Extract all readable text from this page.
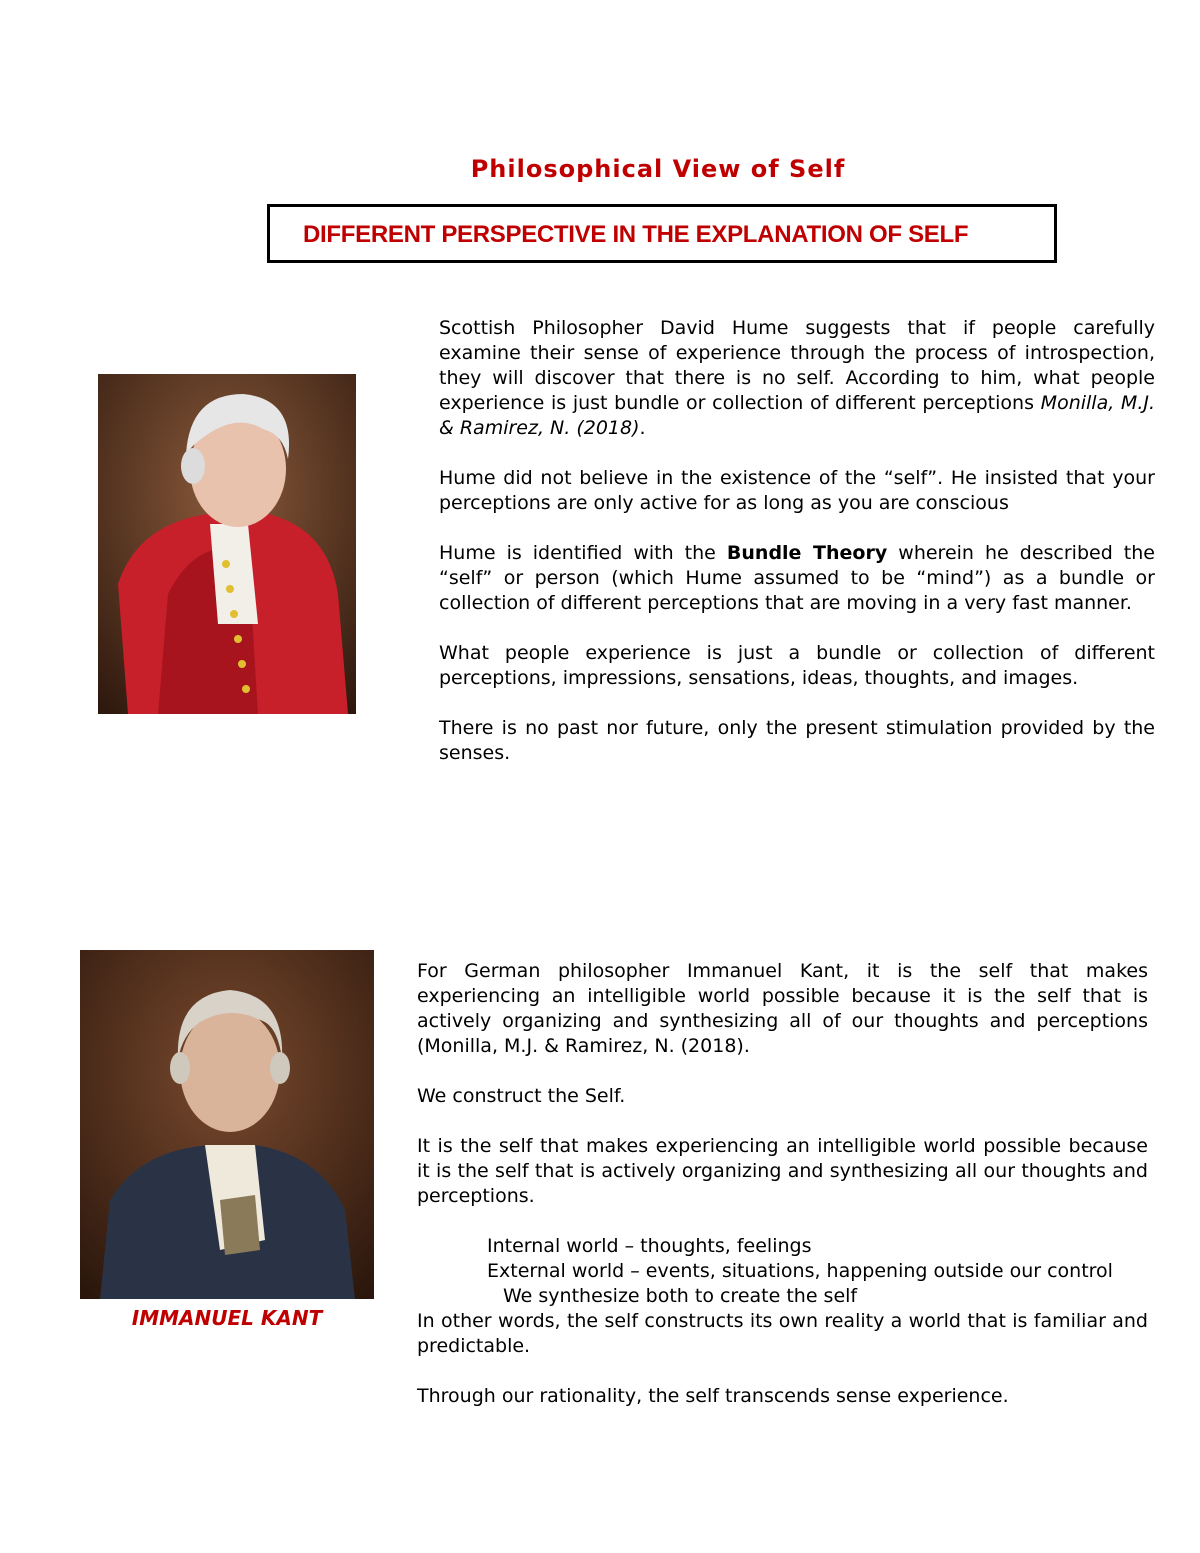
Philosophical View of Self
DIFFERENT PERSPECTIVE IN THE EXPLANATION OF SELF

Scottish Philosopher David Hume suggests that if people carefully examine their sense of experience through the process of introspection, they will discover that there is no self. According to him, what people experience is just bundle or collection of different perceptions Monilla, M.J. & Ramirez, N. (2018).

Hume did not believe in the existence of the “self”. He insisted that your perceptions are only active for as long as you are conscious

Hume is identified with the Bundle Theory wherein he described the “self” or person (which Hume assumed to be “mind”) as a bundle or collection of different perceptions that are moving in a very fast manner.

What people experience is just a bundle or collection of different perceptions, impressions, sensations, ideas, thoughts, and images.

There is no past nor future, only the present stimulation provided by the senses.

IMMANUEL KANT

For German philosopher Immanuel Kant, it is the self that makes experiencing an intelligible world possible because it is the self that is actively organizing and synthesizing all of our thoughts and perceptions (Monilla, M.J. & Ramirez, N. (2018).

We construct the Self.

It is the self that makes experiencing an intelligible world possible because it is the self that is actively organizing and synthesizing all our thoughts and perceptions.

Internal world – thoughts, feelings

External world – events, situations, happening outside our control

We synthesize both to create the self

In other words, the self constructs its own reality a world that is familiar and predictable.

Through our rationality, the self transcends sense experience.
